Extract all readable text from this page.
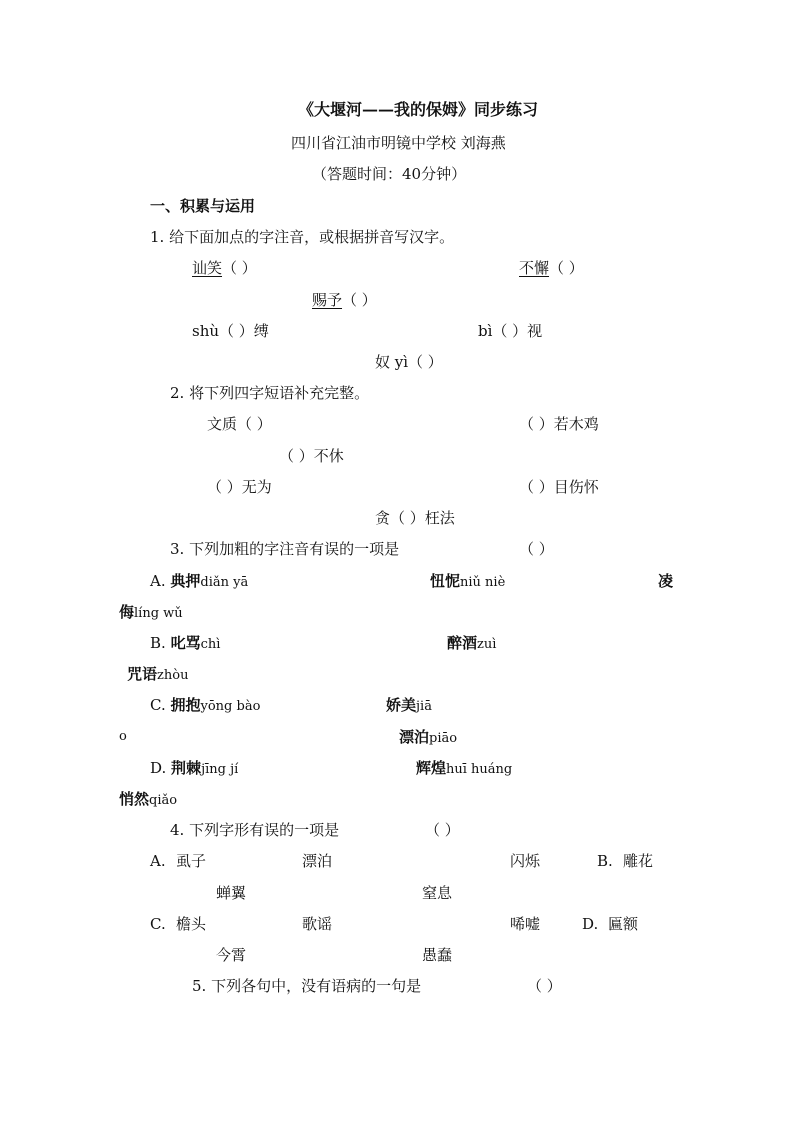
《大堰河——我的保姆》同步练习
四川省江油市明镜中学校 刘海燕
（答题时间：40分钟）
一、积累与运用
1. 给下面加点的字注音，或根据拼音写汉字。
讪笑（ ）	不懈（ ）
赐予（ ）
shù（ ）缚	bì（ ）视
奴 yì（ ）
2. 将下列四字短语补充完整。
文质（ ）	（ ）若木鸡
（ ）不休
（ ）无为	（ ）目伤怀
贪（ ）枉法
3. 下列加粗的字注音有误的一项是	（ ）
A. 典押diǎn yā	忸怩niǔ niè	凌
侮líng wǔ
B. 叱骂chì	醉酒zuì
咒语zhòu
C. 拥抱yōng bào	娇美jiā
o	漂泊piāo
D. 荆棘jīng jí	辉煌huī huáng
悄然qiǎo
4. 下列字形有误的一项是	（ ）
A. 虱子	漂泊	闪烁	B. 雕花
蝉翼	窒息
C. 檐头	歌谣	唏嘘	D. 匾额
今霄	愚蠢
5. 下列各句中，没有语病的一句是	（ ）
